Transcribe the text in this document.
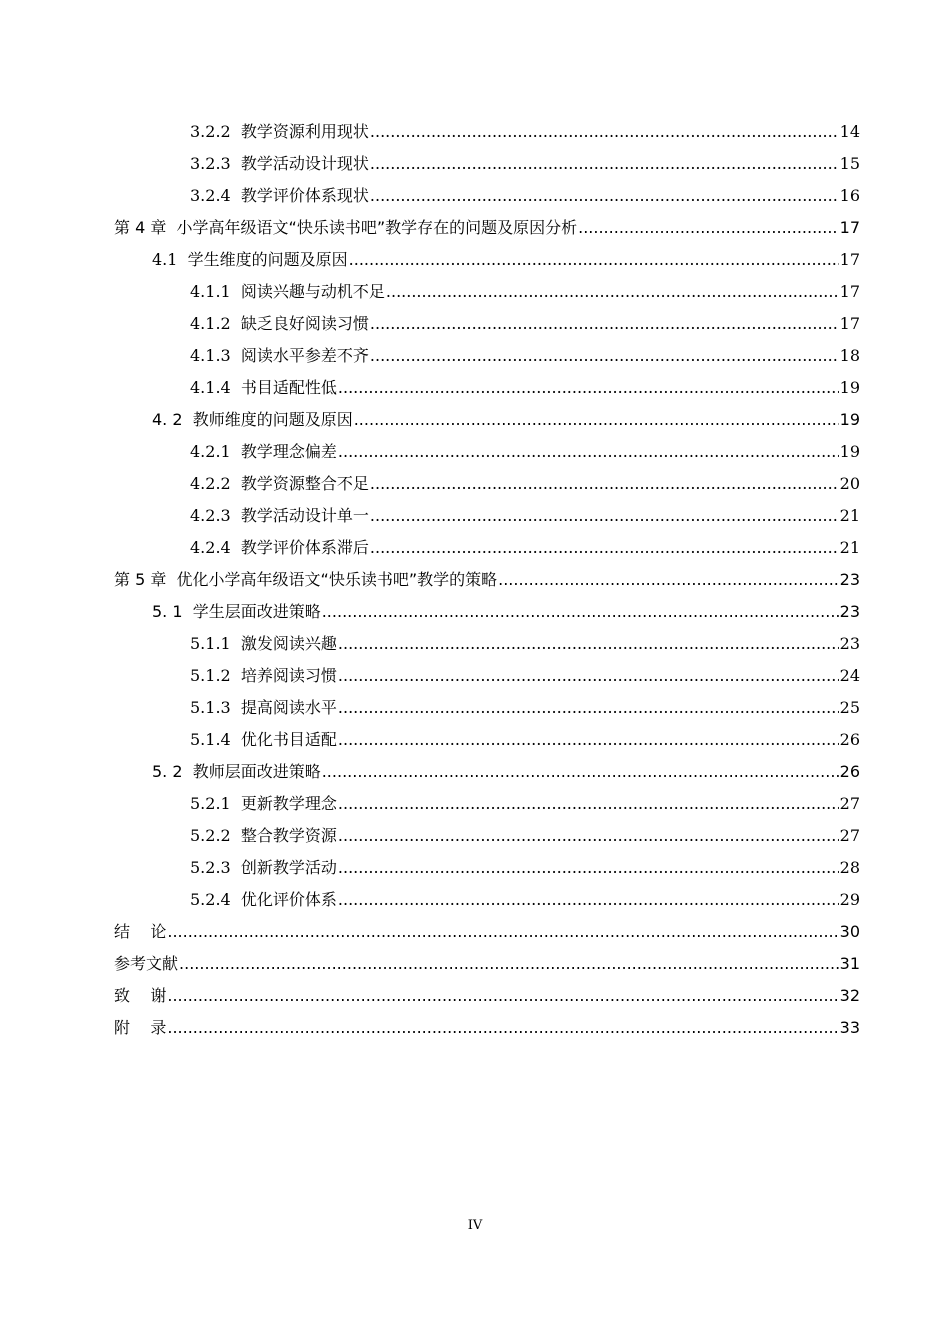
3.2.2 教学资源利用现状 .....	14
3.2.3 教学活动设计现状 .....	15
3.2.4 教学评价体系现状 .....	16
第 4 章 小学高年级语文“快乐读书吧”教学存在的问题及原因分析 .....	17
4.1 学生维度的问题及原因 .....	17
4.1.1 阅读兴趣与动机不足 .....	17
4.1.2 缺乏良好阅读习惯 .....	17
4.1.3 阅读水平参差不齐 .....	18
4.1.4 书目适配性低 .....	19
4. 2 教师维度的问题及原因 .....	19
4.2.1 教学理念偏差 .....	19
4.2.2 教学资源整合不足 .....	20
4.2.3 教学活动设计单一 .....	21
4.2.4 教学评价体系滞后 .....	21
第 5 章 优化小学高年级语文“快乐读书吧”教学的策略 .....	23
5. 1 学生层面改进策略 .....	23
5.1.1 激发阅读兴趣 .....	23
5.1.2 培养阅读习惯 .....	24
5.1.3 提高阅读水平 .....	25
5.1.4 优化书目适配 .....	26
5. 2 教师层面改进策略 .....	26
5.2.1 更新教学理念 .....	27
5.2.2 整合教学资源 .....	27
5.2.3 创新教学活动 .....	28
5.2.4 优化评价体系 .....	29
结    论 .....	30
参考文献 .....	31
致    谢 .....	32
附    录 .....	33
IV
